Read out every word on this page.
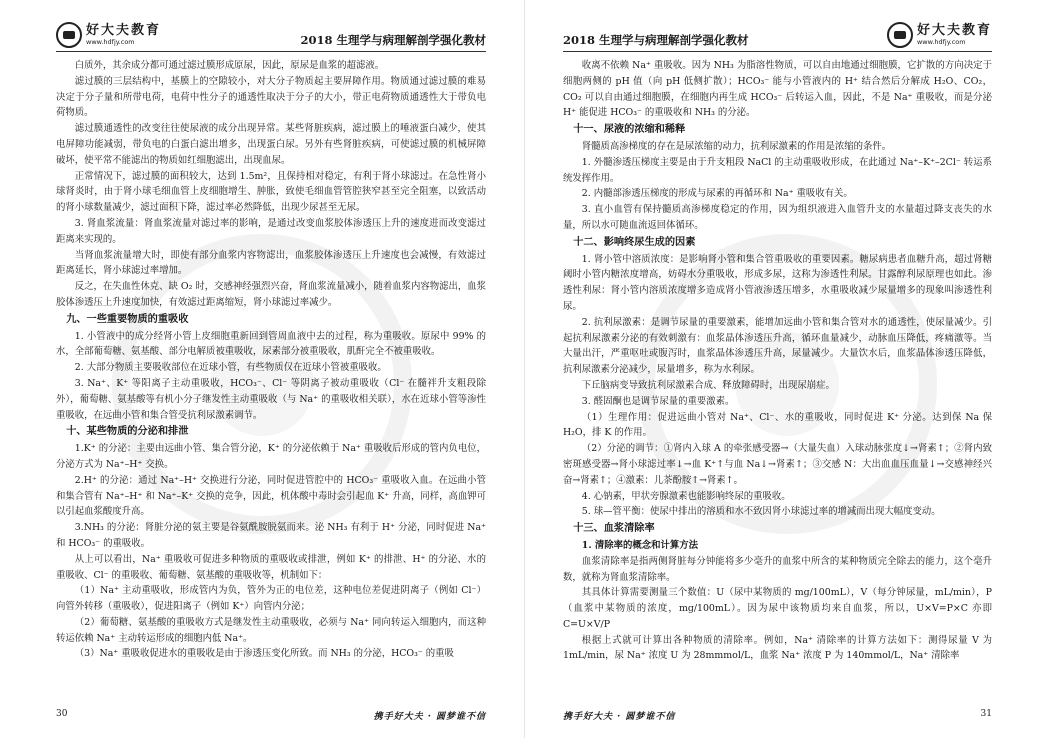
好大夫教育
www.hdfjy.com	2018 生理学与病理解剖学强化教材

白质外，其余成分都可通过滤过膜形成原尿，因此，原尿是血浆的超滤液。

滤过膜的三层结构中，基膜上的空隙较小，对大分子物质起主要屏障作用。物质通过滤过膜的难易决定于分子量和所带电荷，电荷中性分子的通透性取决于分子的大小，带正电荷物质通透性大于带负电荷物质。

滤过膜通透性的改变往往使尿液的成分出现异常。某些肾脏疾病，滤过膜上的唾液蛋白减少，使其电屏障功能减弱，带负电的白蛋白滤出增多，出现蛋白尿。另外有些肾脏疾病，可使滤过膜的机械屏障破坏，使平常不能滤出的物质如红细胞滤出，出现血尿。

正常情况下，滤过膜的面积较大，达到 1.5m²，且保持相对稳定，有利于肾小球滤过。在急性肾小球肾炎时，由于肾小球毛细血管上皮细胞增生、肿胀，致使毛细血管管腔狭窄甚至完全阻塞，以致活动的肾小球数量减少，滤过面积下降，滤过率必然降低，出现少尿甚至无尿。

3. 肾血浆流量：肾血浆流量对滤过率的影响，是通过改变血浆胶体渗透压上升的速度进而改变滤过距离来实现的。

当肾血浆流量增大时，即使有部分血浆内容物滤出，血浆胶体渗透压上升速度也会减慢，有效滤过距离延长，肾小球滤过率增加。

反之，在失血性休克、缺 O₂ 时，交感神经强烈兴奋，肾血浆流量减小，随着血浆内容物滤出，血浆胶体渗透压上升速度加快，有效滤过距离缩短，肾小球滤过率减少。

九、一些重要物质的重吸收

1. 小管液中的成分经肾小管上皮细胞重新回到管周血液中去的过程，称为重吸收。原尿中 99% 的水，全部葡萄糖、氨基酸、部分电解质被重吸收，尿素部分被重吸收，肌酐完全不被重吸收。

2. 大部分物质主要吸收部位在近球小管，有些物质仅在近球小管被重吸收。

3. Na⁺、K⁺ 等阳离子主动重吸收，HCO₃⁻、Cl⁻ 等阴离子被动重吸收（Cl⁻ 在髓袢升支粗段除外），葡萄糖、氨基酸等有机小分子继发性主动重吸收（与 Na⁺ 的重吸收相关联），水在近球小管等渗性重吸收，在远曲小管和集合管受抗利尿激素调节。

十、某些物质的分泌和排泄

1.K⁺ 的分泌：主要由远曲小管、集合管分泌，K⁺ 的分泌依赖于 Na⁺ 重吸收后形成的管内负电位，分泌方式为 Na⁺–H⁺ 交换。

2.H⁺ 的分泌：通过 Na⁺–H⁺ 交换进行分泌，同时促进管腔中的 HCO₃⁻ 重吸收入血。在远曲小管和集合管有 Na⁺–H⁺ 和 Na⁺–K⁺ 交换的竞争，因此，机体酸中毒时会引起血 K⁺ 升高，同样，高血钾可以引起血浆酸度升高。

3.NH₃ 的分泌：肾脏分泌的氨主要是谷氨酰胺脱氨而来。泌 NH₃ 有利于 H⁺ 分泌，同时促进 Na⁺ 和 HCO₃⁻ 的重吸收。

从上可以看出，Na⁺ 重吸收可促进多种物质的重吸收或排泄，例如 K⁺ 的排泄、H⁺ 的分泌、水的重吸收、Cl⁻ 的重吸收、葡萄糖、氨基酸的重吸收等，机制如下：

（1）Na⁺ 主动重吸收，形成管内为负，管外为正的电位差，这种电位差促进阴离子（例如 Cl⁻）向管外转移（重吸收），促进阳离子（例如 K⁺）向管内分泌；

（2）葡萄糖、氨基酸的重吸收方式是继发性主动重吸收，必须与 Na⁺ 同向转运入细胞内，而这种转运依赖 Na⁺ 主动转运形成的细胞内低 Na⁺。

（3）Na⁺ 重吸收促进水的重吸收是由于渗透压变化所致。而 NH₃ 的分泌，HCO₃⁻ 的重吸

30	携手好大夫 · 圆梦谁不信
2018 生理学与病理解剖学强化教材
好大夫教育
www.hdfjy.com

收离不依赖 Na⁺ 重吸收。因为 NH₃ 为脂溶性物质，可以自由地通过细胞膜，它扩散的方向决定于细胞两侧的 pH 值（向 pH 低侧扩散）；HCO₃⁻ 能与小管液内的 H⁺ 结合然后分解成 H₂O、CO₂，CO₂ 可以自由通过细胞膜，在细胞内再生成 HCO₃⁻ 后转运入血，因此，不是 Na⁺ 重吸收，而是分泌 H⁺ 能促进 HCO₃⁻ 的重吸收和 NH₃ 的分泌。

十一、尿液的浓缩和稀释

肾髓质高渗梯度的存在是尿浓缩的动力，抗利尿激素的作用是浓缩的条件。

1. 外髓渗透压梯度主要是由于升支粗段 NaCl 的主动重吸收形成，在此通过 Na⁺–K⁺–2Cl⁻ 转运系统发挥作用。

2. 内髓部渗透压梯度的形成与尿素的再循环和 Na⁺ 重吸收有关。

3. 直小血管有保持髓质高渗梯度稳定的作用，因为组织液进入血管升支的水量超过降支丧失的水量，所以水可随血流返回体循环。

十二、影响终尿生成的因素

1. 肾小管中溶质浓度：是影响肾小管和集合管重吸收的重要因素。糖尿病患者血糖升高，超过肾糖阈时小管内糖浓度增高，妨碍水分重吸收，形成多尿，这称为渗透性利尿。甘露醇利尿原理也如此。渗透性利尿：肾小管内溶质浓度增多造成肾小管液渗透压增多，水重吸收减少尿量增多的现象叫渗透性利尿。

2. 抗利尿激素：是调节尿量的重要激素，能增加远曲小管和集合管对水的通透性，使尿量减少。引起抗利尿激素分泌的有效刺激有：血浆晶体渗透压升高，循环血量减少，动脉血压降低，疼痛激等。当大量出汗，严重呕吐或腹泻时，血浆晶体渗透压升高，尿量减少。大量饮水后，血浆晶体渗透压降低，抗利尿激素分泌减少，尿量增多，称为水利尿。

下丘脑病变导致抗利尿激素合成、释放障碍时，出现尿崩症。

3. 醛固酮也是调节尿量的重要激素。

（1）生理作用：促进远曲小管对 Na⁺、Cl⁻、水的重吸收，同时促进 K⁺ 分泌。达到保 Na 保 H₂O，排 K 的作用。

（2）分泌的调节：①肾内入球 A 的牵张感受器→（大量失血）入球动脉张度↓→肾素↑；②肾内致密斑感受器→肾小球滤过率↓→血 K⁺↑与血 Na↓→肾素↑；③交感 N：大出血血压血量↓→交感神经兴奋→肾素↑；④激素：儿茶酚胺↑→肾素↑。

4. 心钠素，甲状旁腺激素也能影响终尿的重吸收。

5. 球—管平衡：使尿中排出的溶质和水不致因肾小球滤过率的增减而出现大幅度变动。

十三、血浆清除率

1. 清除率的概念和计算方法

血浆清除率是指两侧肾脏每分钟能将多少毫升的血浆中所含的某种物质完全除去的能力，这个毫升数，就称为肾血浆清除率。

其具体计算需要测量三个数值：U（尿中某物质的 mg/100mL），V（每分钟尿量，mL/min），P（血浆中某物质的浓度，mg/100mL）。因为尿中该物质均来自血浆，所以，U×V=P×C 亦即 C=U×V/P

根据上式就可计算出各种物质的清除率。例如，Na⁺ 清除率的计算方法如下：测得尿量 V 为 1mL/min，尿 Na⁺ 浓度 U 为 28mmmol/L，血浆 Na⁺ 浓度 P 为 140mmol/L，Na⁺ 清除率

携手好大夫 · 圆梦谁不信	31
